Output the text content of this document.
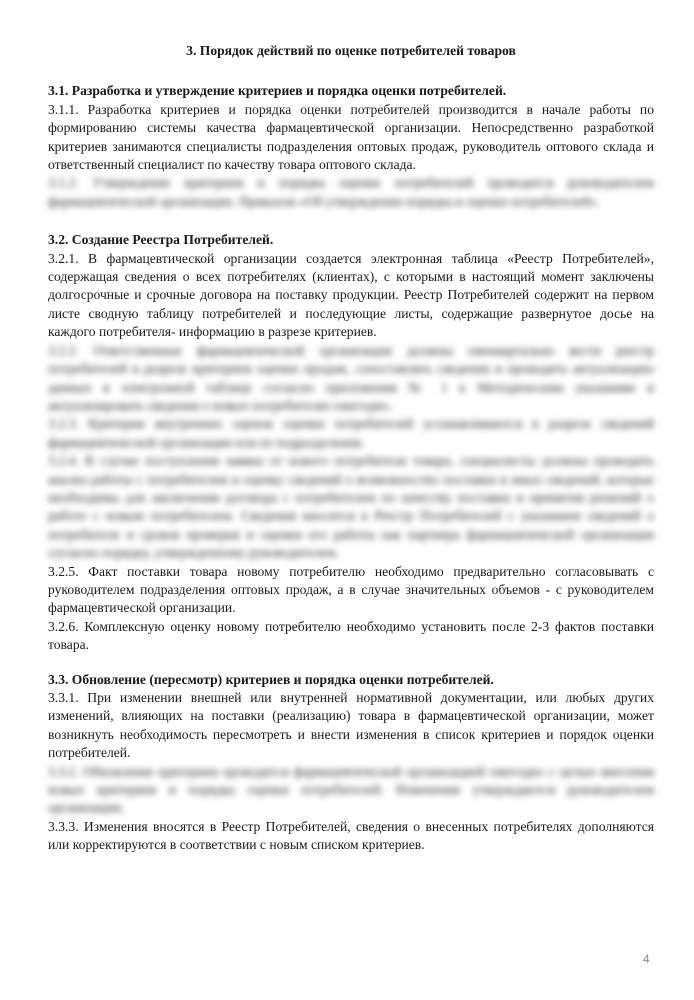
3. Порядок действий по оценке потребителей товаров

3.1. Разработка и утверждение критериев и порядка оценки потребителей.

3.1.1. Разработка критериев и порядка оценки потребителей производится в начале работы по формированию системы качества фармацевтической организации. Непосредственно разработкой критериев занимаются специалисты подразделения оптовых продаж, руководитель оптового склада и ответственный специалист по качеству товара оптового склада.

3.1.2. Утверждение критериев и порядка оценки потребителей проводится руководителем фармацевтической организации. Приказом «Об утверждении порядка и оценки потребителей».

3.2. Создание Реестра Потребителей.

3.2.1. В фармацевтической организации создается электронная таблица «Реестр Потребителей», содержащая сведения о всех потребителях (клиентах), с которыми в настоящий момент заключены долгосрочные и срочные договора на поставку продукции. Реестр Потребителей содержит на первом листе сводную таблицу потребителей и последующие листы, содержащие развернутое досье на каждого потребителя- информацию в разрезе критериев.

3.2.2. Ответственные фармацевтической организации должны ежеквартально вести реестр потребителей в разрезе критериев оценки продаж, сопоставлять сведения и проводить актуализацию данных в электронной таблице согласно приложения № 1 к Методическим указаниям и актуализировать сведения о новых потребителях ежегодно.

3.2.3. Критерии внутренних оценок оценки потребителей устанавливаются в разрезе сведений фармацевтической организации или ее подразделения.

3.2.4. В случае поступления заявки от нового потребителя товара, специалисты должны проводить анализ работы с потребителем и оценку сведений о возможностях поставки и иных сведений, которые необходимы для заключения договора с потребителем по качеству поставки и принятия решений о работе с новым потребителем. Сведения вносятся в Реестр Потребителей с указанием сведений о потребителе и сроков проверки и оценки его работы как партнера фармацевтической организации согласно порядку, утвержденному руководителем.

3.2.5. Факт поставки товара новому потребителю необходимо предварительно согласовывать с руководителем подразделения оптовых продаж, а в случае значительных объемов - с руководителем фармацевтической организации.

3.2.6. Комплексную оценку новому потребителю необходимо установить после 2-3 фактов поставки товара.

3.3. Обновление (пересмотр) критериев и порядка оценки потребителей.

3.3.1. При изменении внешней или внутренней нормативной документации, или любых других изменений, влияющих на поставки (реализацию) товара в фармацевтической организации, может возникнуть необходимость пересмотреть и внести изменения в список критериев и порядок оценки потребителей.

3.3.2. Обновление критериев проводится фармацевтической организацией ежегодно с целью внесения новых критериев и порядка оценки потребителей. Изменения утверждаются руководителем организации.

3.3.3. Изменения вносятся в Реестр Потребителей, сведения о внесенных потребителях дополняются или корректируются в соответствии с новым списком критериев.

4
